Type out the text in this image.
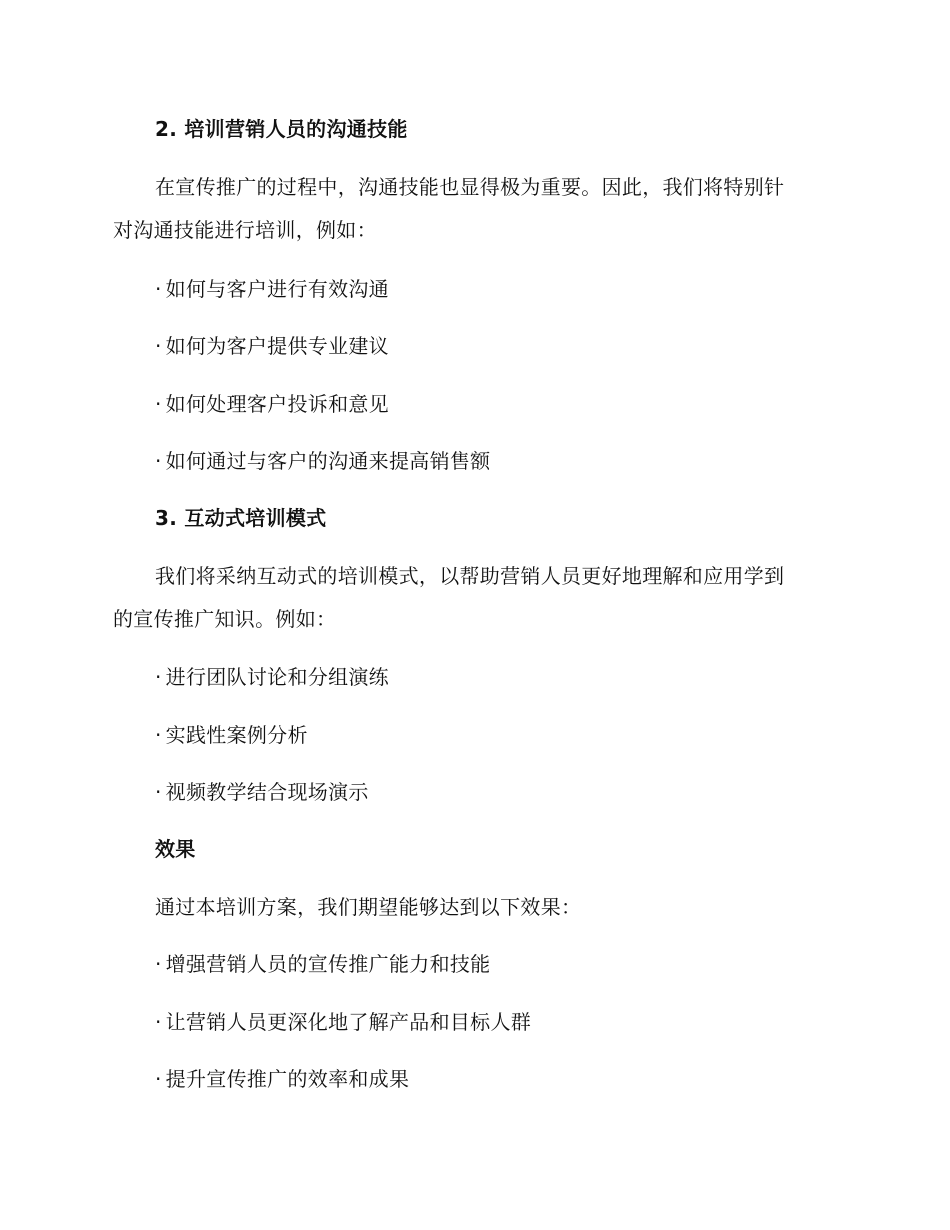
2. 培训营销人员的沟通技能
在宣传推广的过程中，沟通技能也显得极为重要。因此，我们将特别针
对沟通技能进行培训，例如：
· 如何与客户进行有效沟通
· 如何为客户提供专业建议
· 如何处理客户投诉和意见
· 如何通过与客户的沟通来提高销售额
3. 互动式培训模式
我们将采纳互动式的培训模式，以帮助营销人员更好地理解和应用学到
的宣传推广知识。例如：
· 进行团队讨论和分组演练
· 实践性案例分析
· 视频教学结合现场演示
效果
通过本培训方案，我们期望能够达到以下效果：
· 增强营销人员的宣传推广能力和技能
· 让营销人员更深化地了解产品和目标人群
· 提升宣传推广的效率和成果
